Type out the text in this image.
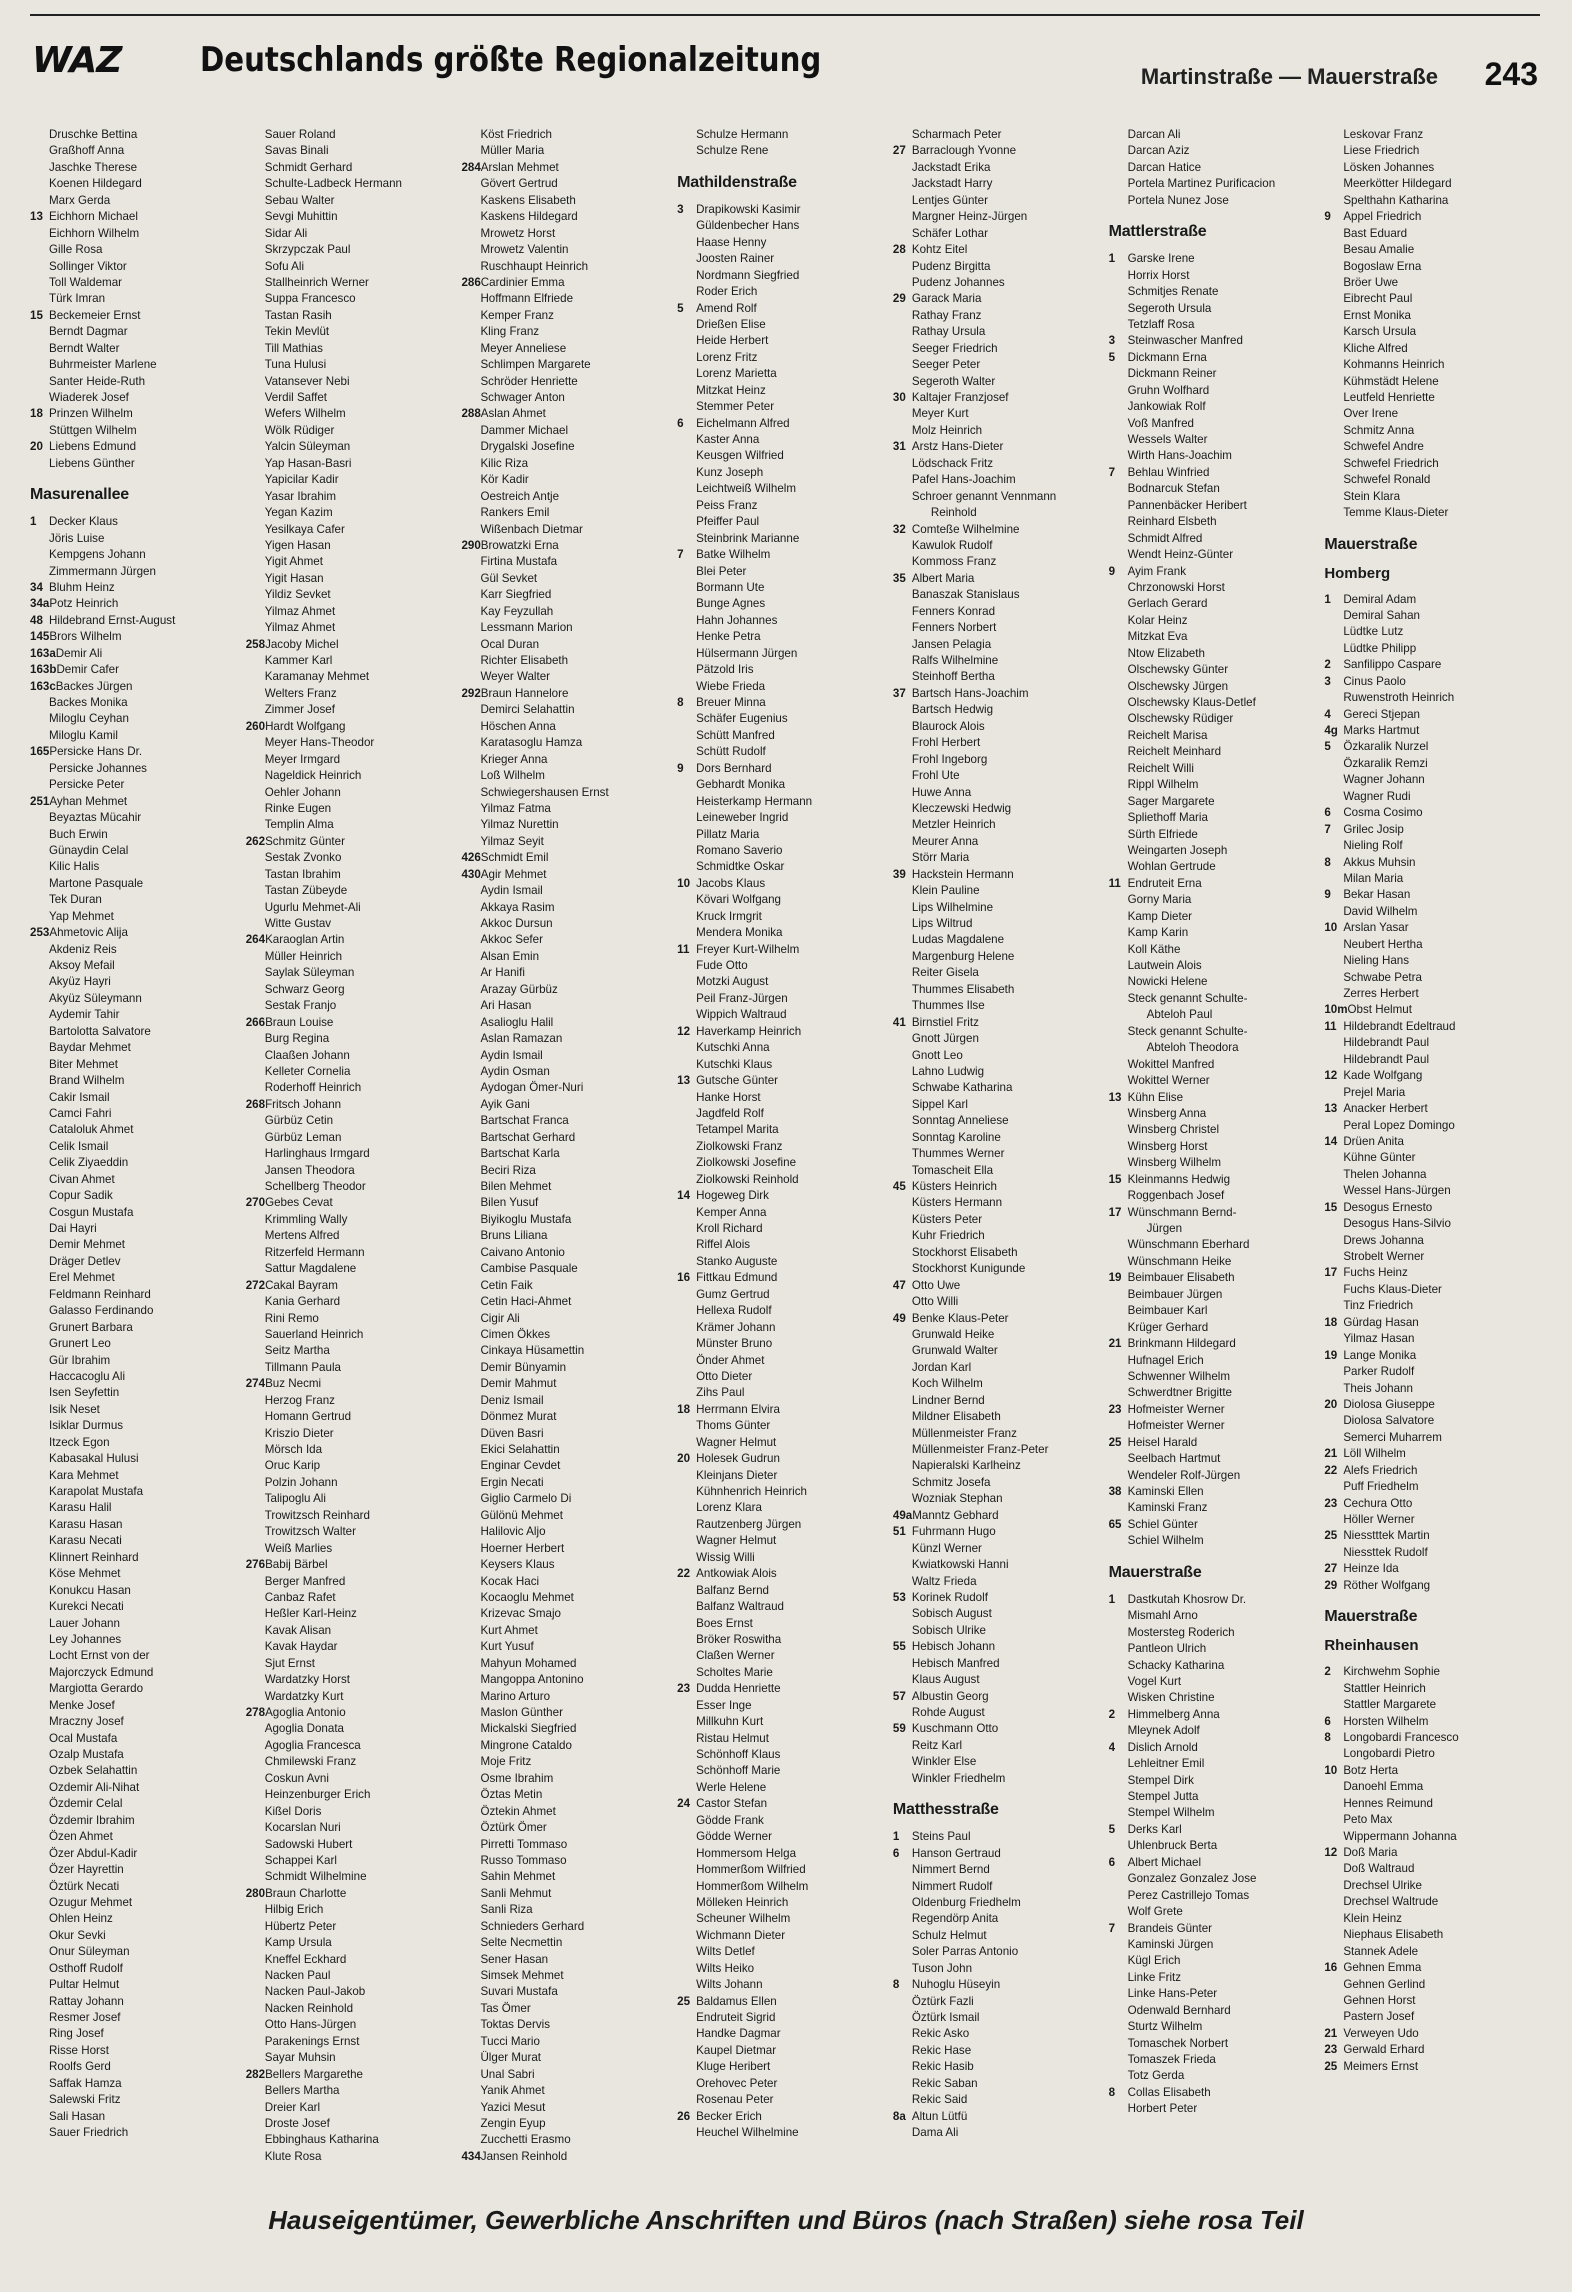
WAZ Deutschlands größte Regionalzeitung	Martinstraße — Mauerstraße 243
Druschke Bettina
Graßhoff Anna
Jaschke Therese
Koenen Hildegard
Marx Gerda
13 Eichhorn Michael
Eichhorn Wilhelm
Gille Rosa
Sollinger Viktor
Toll Waldemar
Türk Imran
15 Beckemeier Ernst
Berndt Dagmar
Berndt Walter
Buhrmeister Marlene
Santer Heide-Ruth
Wiaderek Josef
18 Prinzen Wilhelm
Stüttgen Wilhelm
20 Liebens Edmund
Liebens Günther
Masurenallee
1 Decker Klaus
Jöris Luise
Kempgens Johann
Zimmermann Jürgen
34 Bluhm Heinz
34aPotz Heinrich
48 Hildebrand Ernst-August
145Brors Wilhelm
163aDemir Ali
163bDemir Cafer
163cBackes Jürgen
Backes Monika
Miloglu Ceyhan
Miloglu Kamil
165Persicke Hans Dr.
Persicke Johannes
Persicke Peter
251Ayhan Mehmet
Beyaztas Mücahir
Buch Erwin
Günaydin Celal
Kilic Halis
Martone Pasquale
Tek Duran
Yap Mehmet
253Ahmetovic Alija
Akdeniz Reis
Aksoy Mefail
Akyüz Hayri
Akyüz Süleymann
Aydemir Tahir
Bartolotta Salvatore
Baydar Mehmet
Biter Mehmet
Brand Wilhelm
Cakir Ismail
Camci Fahri
Cataloluk Ahmet
Celik Ismail
Celik Ziyaeddin
Civan Ahmet
Copur Sadik
Cosgun Mustafa
Dai Hayri
Demir Mehmet
Dräger Detlev
Erel Mehmet
Feldmann Reinhard
Galasso Ferdinando
Grunert Barbara
Grunert Leo
Gür Ibrahim
Haccacoglu Ali
Isen Seyfettin
Isik Neset
Isiklar Durmus
Itzeck Egon
Kabasakal Hulusi
Kara Mehmet
Karapolat Mustafa
Karasu Halil
Karasu Hasan
Karasu Necati
Klinnert Reinhard
Köse Mehmet
Konukcu Hasan
Kurekci Necati
Lauer Johann
Ley Johannes
Locht Ernst von der
Majorczyck Edmund
Margiotta Gerardo
Menke Josef
Mraczny Josef
Ocal Mustafa
Ozalp Mustafa
Ozbek Selahattin
Ozdemir Ali-Nihat
Özdemir Celal
Özdemir Ibrahim
Özen Ahmet
Özer Abdul-Kadir
Özer Hayrettin
Öztürk Necati
Ozugur Mehmet
Ohlen Heinz
Okur Sevki
Onur Süleyman
Osthoff Rudolf
Pultar Helmut
Rattay Johann
Resmer Josef
Ring Josef
Risse Horst
Roolfs Gerd
Saffak Hamza
Salewski Fritz
Sali Hasan
Sauer Friedrich
Sauer Roland
Savas Binali
Schmidt Gerhard
Schulte-Ladbeck Hermann
Sebau Walter
Sevgi Muhittin
Sidar Ali
Skrzypczak Paul
Sofu Ali
Stallheinrich Werner
Suppa Francesco
Tastan Rasih
Tekin Mevlüt
Till Mathias
Tuna Hulusi
Vatansever Nebi
Verdil Saffet
Wefers Wilhelm
Wölk Rüdiger
Yalcin Süleyman
Yap Hasan-Basri
Yapicilar Kadir
Yasar Ibrahim
Yegan Kazim
Yesilkaya Cafer
Yigen Hasan
Yigit Ahmet
Yigit Hasan
Yildiz Sevket
Yilmaz Ahmet
Yilmaz Ahmet
258Jacoby Michel
Kammer Karl
Karamanay Mehmet
Welters Franz
Zimmer Josef
260Hardt Wolfgang
Meyer Hans-Theodor
Meyer Irmgard
Nageldick Heinrich
Oehler Johann
Rinke Eugen
Templin Alma
262Schmitz Günter
Sestak Zvonko
Tastan Ibrahim
Tastan Zübeyde
Ugurlu Mehmet-Ali
Witte Gustav
264Karaoglan Artin
Müller Heinrich
Saylak Süleyman
Schwarz Georg
Sestak Franjo
266Braun Louise
Burg Regina
Claaßen Johann
Kelleter Cornelia
Roderhoff Heinrich
268Fritsch Johann
Gürbüz Cetin
Gürbüz Leman
Harlinghaus Irmgard
Jansen Theodora
Schellberg Theodor
270Gebes Cevat
Krimmling Wally
Mertens Alfred
Ritzerfeld Hermann
Sattur Magdalene
272Cakal Bayram
Kania Gerhard
Rini Remo
Sauerland Heinrich
Seitz Martha
Tillmann Paula
274Buz Necmi
Herzog Franz
Homann Gertrud
Kriszio Dieter
Mörsch Ida
Oruc Karip
Polzin Johann
Talipoglu Ali
Trowitzsch Reinhard
Trowitzsch Walter
Weiß Marlies
276Babij Bärbel
Berger Manfred
Canbaz Rafet
Heßler Karl-Heinz
Kavak Alisan
Kavak Haydar
Sjut Ernst
Wardatzky Horst
Wardatzky Kurt
278Agoglia Antonio
Agoglia Donata
Agoglia Francesca
Chmilewski Franz
Coskun Avni
Heinzenburger Erich
Kißel Doris
Kocarslan Nuri
Sadowski Hubert
Schappei Karl
Schmidt Wilhelmine
280Braun Charlotte
Hilbig Erich
Hübertz Peter
Kamp Ursula
Kneffel Eckhard
Nacken Paul
Nacken Paul-Jakob
Nacken Reinhold
Otto Hans-Jürgen
Parakenings Ernst
Sayar Muhsin
282Bellers Margarethe
Bellers Martha
Dreier Karl
Droste Josef
Ebbinghaus Katharina
Klute Rosa
Köst Friedrich
Müller Maria
284Arslan Mehmet
Gövert Gertrud
Kaskens Elisabeth
Kaskens Hildegard
Mrowetz Horst
Mrowetz Valentin
Ruschhaupt Heinrich
286Cardinier Emma
Hoffmann Elfriede
Kemper Franz
Kling Franz
Meyer Anneliese
Schlimpen Margarete
Schröder Henriette
Schwager Anton
288Aslan Ahmet
Dammer Michael
Drygalski Josefine
Kilic Riza
Kör Kadir
Oestreich Antje
Rankers Emil
Wißenbach Dietmar
290Browatzki Erna
Firtina Mustafa
Gül Sevket
Karr Siegfried
Kay Feyzullah
Lessmann Marion
Ocal Duran
Richter Elisabeth
Weyer Walter
292Braun Hannelore
Demirci Selahattin
Höschen Anna
Karatasoglu Hamza
Krieger Anna
Loß Wilhelm
Schwiegershausen Ernst
Yilmaz Fatma
Yilmaz Nurettin
Yilmaz Seyit
426Schmidt Emil
430Agir Mehmet
Aydin Ismail
Akkaya Rasim
Akkoc Dursun
Akkoc Sefer
Alsan Emin
Ar Hanifi
Arazay Gürbüz
Ari Hasan
Asalioglu Halil
Aslan Ramazan
Aydin Ismail
Aydin Osman
Aydogan Ömer-Nuri
Ayik Gani
Bartschat Franca
Bartschat Gerhard
Bartschat Karla
Beciri Riza
Bilen Mehmet
Bilen Yusuf
Biyikoglu Mustafa
Bruns Liliana
Caivano Antonio
Cambise Pasquale
Cetin Faik
Cetin Haci-Ahmet
Cigir Ali
Cimen Ökkes
Cinkaya Hüsamettin
Demir Bünyamin
Demir Mahmut
Deniz Ismail
Dönmez Murat
Düven Basri
Ekici Selahattin
Enginar Cevdet
Ergin Necati
Giglio Carmelo Di
Gülönü Mehmet
Halilovic Aljo
Hoerner Herbert
Keysers Klaus
Kocak Haci
Kocaoglu Mehmet
Krizevac Smajo
Kurt Ahmet
Kurt Yusuf
Mahyun Mohamed
Mangoppa Antonino
Marino Arturo
Maslon Günther
Mickalski Siegfried
Mingrone Cataldo
Moje Fritz
Osme Ibrahim
Öztas Metin
Öztekin Ahmet
Öztürk Ömer
Pirretti Tommaso
Russo Tommaso
Sahin Mehmet
Sanli Mehmut
Sanli Riza
Schnieders Gerhard
Selte Necmettin
Sener Hasan
Simsek Mehmet
Suvari Mustafa
Tas Ömer
Toktas Dervis
Tucci Mario
Ülger Murat
Unal Sabri
Yanik Ahmet
Yazici Mesut
Zengin Eyup
Zucchetti Erasmo
434Jansen Reinhold
Schulze Hermann
Schulze Rene
Mathildenstraße
3 Drapikowski Kasimir
Güldenbecher Hans
Haase Henny
Joosten Rainer
Nordmann Siegfried
Roder Erich
5 Amend Rolf
Drießen Elise
Heide Herbert
Lorenz Fritz
Lorenz Marietta
Mitzkat Heinz
Stemmer Peter
6 Eichelmann Alfred
Kaster Anna
Keusgen Wilfried
Kunz Joseph
Leichtweiß Wilhelm
Peiss Franz
Pfeiffer Paul
Steinbrink Marianne
7 Batke Wilhelm
Blei Peter
Bormann Ute
Bunge Agnes
Hahn Johannes
Henke Petra
Hülsermann Jürgen
Pätzold Iris
Wiebe Frieda
8 Breuer Minna
Schäfer Eugenius
Schütt Manfred
Schütt Rudolf
9 Dors Bernhard
Gebhardt Monika
Heisterkamp Hermann
Leineweber Ingrid
Pillatz Maria
Romano Saverio
Schmidtke Oskar
10 Jacobs Klaus
Kövari Wolfgang
Kruck Irmgrit
Mendera Monika
11 Freyer Kurt-Wilhelm
Fude Otto
Motzki August
Peil Franz-Jürgen
Wippich Waltraud
12 Haverkamp Heinrich
Kutschki Anna
Kutschki Klaus
13 Gutsche Günter
Hanke Horst
Jagdfeld Rolf
Tetampel Marita
Ziolkowski Franz
Ziolkowski Josefine
Ziolkowski Reinhold
14 Hogeweg Dirk
Kemper Anna
Kroll Richard
Riffel Alois
Stanko Auguste
16 Fittkau Edmund
Gumz Gertrud
Hellexa Rudolf
Krämer Johann
Münster Bruno
Önder Ahmet
Otto Dieter
Zihs Paul
18 Herrmann Elvira
Thoms Günter
Wagner Helmut
20 Holesek Gudrun
Kleinjans Dieter
Kühnhenrich Heinrich
Lorenz Klara
Rautzenberg Jürgen
Wagner Helmut
Wissig Willi
22 Antkowiak Alois
Balfanz Bernd
Balfanz Waltraud
Boes Ernst
Bröker Roswitha
Claßen Werner
Scholtes Marie
23 Dudda Henriette
Esser Inge
Millkuhn Kurt
Ristau Helmut
Schönhoff Klaus
Schönhoff Marie
Werle Helene
24 Castor Stefan
Gödde Frank
Gödde Werner
Hommersom Helga
Hommerßom Wilfried
Hommerßom Wilhelm
Mölleken Heinrich
Scheuner Wilhelm
Wichmann Dieter
Wilts Detlef
Wilts Heiko
Wilts Johann
25 Baldamus Ellen
Endruteit Sigrid
Handke Dagmar
Kaupel Dietmar
Kluge Heribert
Orehovec Peter
Rosenau Peter
26 Becker Erich
Heuchel Wilhelmine
Scharmach Peter
27 Barraclough Yvonne
Jackstadt Erika
Jackstadt Harry
Lentjes Günter
Margner Heinz-Jürgen
Schäfer Lothar
28 Kohtz Eitel
Pudenz Birgitta
Pudenz Johannes
29 Garack Maria
Rathay Franz
Rathay Ursula
Seeger Friedrich
Seeger Peter
Segeroth Walter
30 Kaltajer Franzjosef
Meyer Kurt
Molz Heinrich
31 Arstz Hans-Dieter
Lödschack Fritz
Pafel Hans-Joachim
Schroer genannt Vennmann
Reinhold
32 Comteße Wilhelmine
Kawulok Rudolf
Kommoss Franz
35 Albert Maria
Banaszak Stanislaus
Fenners Konrad
Fenners Norbert
Jansen Pelagia
Ralfs Wilhelmine
Steinhoff Bertha
37 Bartsch Hans-Joachim
Bartsch Hedwig
Blaurock Alois
Frohl Herbert
Frohl Ingeborg
Frohl Ute
Huwe Anna
Kleczewski Hedwig
Metzler Heinrich
Meurer Anna
Störr Maria
39 Hackstein Hermann
Klein Pauline
Lips Wilhelmine
Lips Wiltrud
Ludas Magdalene
Margenburg Helene
Reiter Gisela
Thummes Elisabeth
Thummes Ilse
41 Birnstiel Fritz
Gnott Jürgen
Gnott Leo
Lahno Ludwig
Schwabe Katharina
Sippel Karl
Sonntag Anneliese
Sonntag Karoline
Thummes Werner
Tomascheit Ella
45 Küsters Heinrich
Küsters Hermann
Küsters Peter
Kuhr Friedrich
Stockhorst Elisabeth
Stockhorst Kunigunde
47 Otto Uwe
Otto Willi
49 Benke Klaus-Peter
Grunwald Heike
Grunwald Walter
Jordan Karl
Koch Wilhelm
Lindner Bernd
Mildner Elisabeth
Müllenmeister Franz
Müllenmeister Franz-Peter
Napieralski Karlheinz
Schmitz Josefa
Wozniak Stephan
49aManntz Gebhard
51 Fuhrmann Hugo
Künzl Werner
Kwiatkowski Hanni
Waltz Frieda
53 Korinek Rudolf
Sobisch August
Sobisch Ulrike
55 Hebisch Johann
Hebisch Manfred
Klaus August
57 Albustin Georg
Rohde August
59 Kuschmann Otto
Reitz Karl
Winkler Else
Winkler Friedhelm
Matthesstraße
1 Steins Paul
6 Hanson Gertraud
Nimmert Bernd
Nimmert Rudolf
Oldenburg Friedhelm
Regendörp Anita
Schulz Helmut
Soler Parras Antonio
Tuson John
8 Nuhoglu Hüseyin
Öztürk Fazli
Öztürk Ismail
Rekic Asko
Rekic Hase
Rekic Hasib
Rekic Saban
Rekic Said
8a Altun Lütfü
Dama Ali
Darcan Ali
Darcan Aziz
Darcan Hatice
Portela Martinez Purificacion
Portela Nunez Jose
Mattlerstraße
1 Garske Irene
Horrix Horst
Schmitjes Renate
Segeroth Ursula
Tetzlaff Rosa
3 Steinwascher Manfred
5 Dickmann Erna
Dickmann Reiner
Gruhn Wolfhard
Jankowiak Rolf
Voß Manfred
Wessels Walter
Wirth Hans-Joachim
7 Behlau Winfried
Bodnarcuk Stefan
Pannenbäcker Heribert
Reinhard Elsbeth
Schmidt Alfred
Wendt Heinz-Günter
9 Ayim Frank
Chrzonowski Horst
Gerlach Gerard
Kolar Heinz
Mitzkat Eva
Ntow Elizabeth
Olschewsky Günter
Olschewsky Jürgen
Olschewsky Klaus-Detlef
Olschewsky Rüdiger
Reichelt Marisa
Reichelt Meinhard
Reichelt Willi
Rippl Wilhelm
Sager Margarete
Spliethoff Maria
Sürth Elfriede
Weingarten Joseph
Wohlan Gertrude
11 Endruteit Erna
Gorny Maria
Kamp Dieter
Kamp Karin
Koll Käthe
Lautwein Alois
Nowicki Helene
Steck genannt Schulte-
Abteloh Paul
Steck genannt Schulte-
Abteloh Theodora
Wokittel Manfred
Wokittel Werner
13 Kühn Elise
Winsberg Anna
Winsberg Christel
Winsberg Horst
Winsberg Wilhelm
15 Kleinmanns Hedwig
Roggenbach Josef
17 Wünschmann Bernd-
Jürgen
Wünschmann Eberhard
Wünschmann Heike
19 Beimbauer Elisabeth
Beimbauer Jürgen
Beimbauer Karl
Krüger Gerhard
21 Brinkmann Hildegard
Hufnagel Erich
Schwenner Wilhelm
Schwerdtner Brigitte
23 Hofmeister Werner
Hofmeister Werner
25 Heisel Harald
Seelbach Hartmut
Wendeler Rolf-Jürgen
38 Kaminski Ellen
Kaminski Franz
65 Schiel Günter
Schiel Wilhelm
Mauerstraße
1 Dastkutah Khosrow Dr.
Mismahl Arno
Mostersteg Roderich
Pantleon Ulrich
Schacky Katharina
Vogel Kurt
Wisken Christine
2 Himmelberg Anna
Mleynek Adolf
4 Dislich Arnold
Lehleitner Emil
Stempel Dirk
Stempel Jutta
Stempel Wilhelm
5 Derks Karl
Uhlenbruck Berta
6 Albert Michael
Gonzalez Gonzalez Jose
Perez Castrillejo Tomas
Wolf Grete
7 Brandeis Günter
Kaminski Jürgen
Kügl Erich
Linke Fritz
Linke Hans-Peter
Odenwald Bernhard
Sturtz Wilhelm
Tomaschek Norbert
Tomaszek Frieda
Totz Gerda
8 Collas Elisabeth
Horbert Peter
Leskovar Franz
Liese Friedrich
Lösken Johannes
Meerkötter Hildegard
Spelthahn Katharina
9 Appel Friedrich
Bast Eduard
Besau Amalie
Bogoslaw Erna
Bröer Uwe
Eibrecht Paul
Ernst Monika
Karsch Ursula
Kliche Alfred
Kohmanns Heinrich
Kühmstädt Helene
Leutfeld Henriette
Over Irene
Schmitz Anna
Schwefel Andre
Schwefel Friedrich
Schwefel Ronald
Stein Klara
Temme Klaus-Dieter
Mauerstraße
Homberg
1 Demiral Adam
Demiral Sahan
Lüdtke Lutz
Lüdtke Philipp
2 Sanfilippo Caspare
3 Cinus Paolo
Ruwenstroth Heinrich
4 Gereci Stjepan
4g Marks Hartmut
5 Özkaralik Nurzel
Özkaralik Remzi
Wagner Johann
Wagner Rudi
6 Cosma Cosimo
7 Grilec Josip
Nieling Rolf
8 Akkus Muhsin
Milan Maria
9 Bekar Hasan
David Wilhelm
10 Arslan Yasar
Neubert Hertha
Nieling Hans
Schwabe Petra
Zerres Herbert
10mObst Helmut
11 Hildebrandt Edeltraud
Hildebrandt Paul
Hildebrandt Paul
12 Kade Wolfgang
Prejel Maria
13 Anacker Herbert
Peral Lopez Domingo
14 Drüen Anita
Kühne Günter
Thelen Johanna
Wessel Hans-Jürgen
15 Desogus Ernesto
Desogus Hans-Silvio
Drews Johanna
Strobelt Werner
17 Fuchs Heinz
Fuchs Klaus-Dieter
Tinz Friedrich
18 Gürdag Hasan
Yilmaz Hasan
19 Lange Monika
Parker Rudolf
Theis Johann
20 Diolosa Giuseppe
Diolosa Salvatore
Semerci Muharrem
21 Löll Wilhelm
22 Alefs Friedrich
Puff Friedhelm
23 Cechura Otto
Höller Werner
25 Niesstttek Martin
Niessttek Rudolf
27 Heinze Ida
29 Röther Wolfgang
Mauerstraße
Rheinhausen
2 Kirchwehm Sophie
Stattler Heinrich
Stattler Margarete
6 Horsten Wilhelm
8 Longobardi Francesco
Longobardi Pietro
10 Botz Herta
Danoehl Emma
Hennes Reimund
Peto Max
Wippermann Johanna
12 Doß Maria
Doß Waltraud
Drechsel Ulrike
Drechsel Waltrude
Klein Heinz
Niephaus Elisabeth
Stannek Adele
16 Gehnen Emma
Gehnen Gerlind
Gehnen Horst
Pastern Josef
21 Verweyen Udo
23 Gerwald Erhard
25 Meimers Ernst
Hauseigentümer, Gewerbliche Anschriften und Büros (nach Straßen) siehe rosa Teil
